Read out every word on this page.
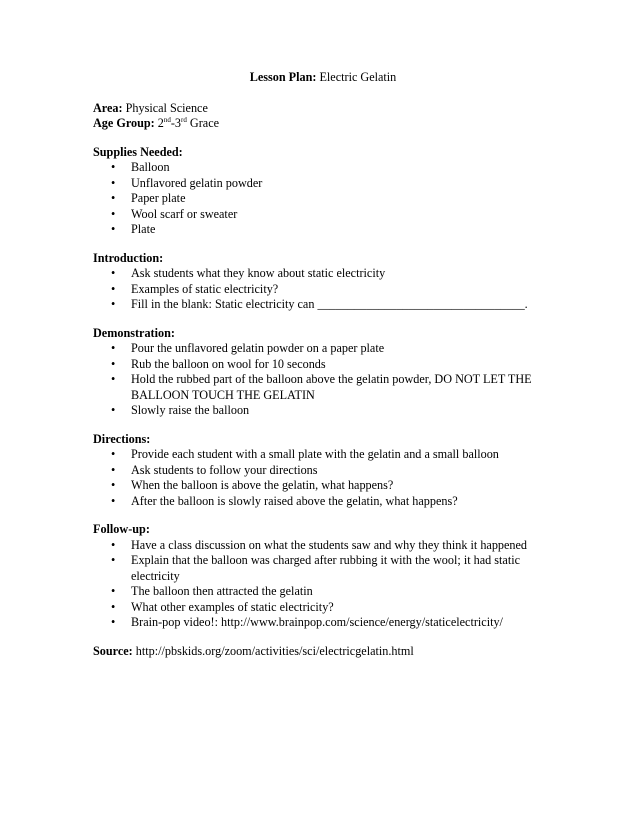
Lesson Plan: Electric Gelatin

Area: Physical Science

Age Group: 2nd-3rd Grace

Supplies Needed:

• Balloon
• Unflavored gelatin powder
• Paper plate
• Wool scarf or sweater
• Plate

Introduction:

• Ask students what they know about static electricity
• Examples of static electricity?
• Fill in the blank: Static electricity can __________________________________.

Demonstration:

• Pour the unflavored gelatin powder on a paper plate
• Rub the balloon on wool for 10 seconds
• Hold the rubbed part of the balloon above the gelatin powder, DO NOT LET THE BALLOON TOUCH THE GELATIN
• Slowly raise the balloon

Directions:

• Provide each student with a small plate with the gelatin and a small balloon
• Ask students to follow your directions
• When the balloon is above the gelatin, what happens?
• After the balloon is slowly raised above the gelatin, what happens?

Follow-up:

• Have a class discussion on what the students saw and why they think it happened
• Explain that the balloon was charged after rubbing it with the wool; it had static electricity
• The balloon then attracted the gelatin
• What other examples of static electricity?
• Brain-pop video!: http://www.brainpop.com/science/energy/staticelectricity/

Source: http://pbskids.org/zoom/activities/sci/electricgelatin.html
